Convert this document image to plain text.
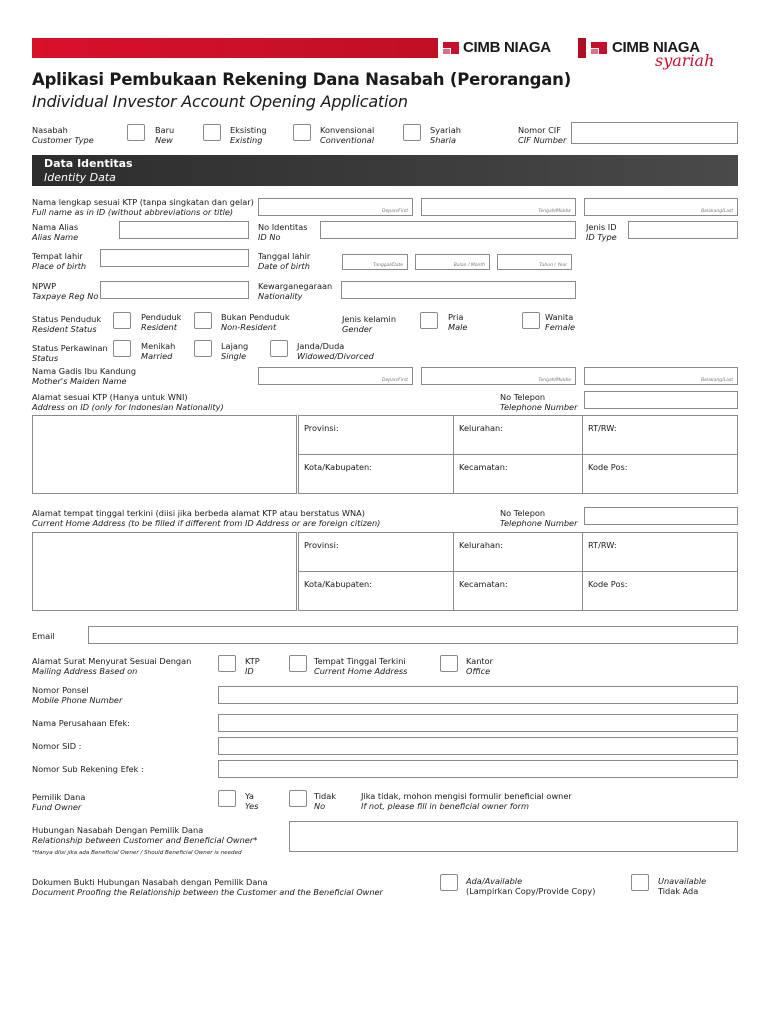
CIMB NIAGA	CIMB NIAGA
syariah
Aplikasi Pembukaan Rekening Dana Nasabah (Perorangan)
Individual Investor Account Opening Application
Nasabah
Customer Type
Baru
New
Eksisting
Existing
Konvensional
Conventional
Syariah
Sharia
Nomor CIF
CIF Number
Data Identitas
Identity Data
Nama lengkap sesuai KTP (tanpa singkatan dan gelar)
Full name as in ID (without abbreviations or title)	Depan/First	Tengah/Middle	Belakang/Last
Nama Alias
Alias Name
No Identitas
ID No
Jenis ID
ID Type
Tempat lahir
Place of birth
Tanggal lahir
Date of birth	Tanggal/Date	Bulan / Month	Tahun / Year
NPWP
Taxpaye Reg No
Kewarganegaraan
Nationality
Status Penduduk
Resident Status
Penduduk
Resident
Bukan Penduduk
Non-Resident
Jenis kelamin
Gender
Pria
Male
Wanita
Female
Status Perkawinan
Status
Menikah
Married
Lajang
Single
Janda/Duda
Widowed/Divorced
Nama Gadis Ibu Kandung
Mother's Maiden Name	Depan/First	Tengah/Middle	Belakang/Last
Alamat sesuai KTP (Hanya untuk WNI)
Address on ID (only for Indonesian Nationality)
No Telepon
Telephone Number
Provinsi:	Kelurahan:	RT/RW:
Kota/Kabupaten:	Kecamatan:	Kode Pos:
Alamat tempat tinggal terkini (diisi jika berbeda alamat KTP atau berstatus WNA)
Current Home Address (to be filled if different from ID Address or are foreign citizen)
No Telepon
Telephone Number
Provinsi:	Kelurahan:	RT/RW:
Kota/Kabupaten:	Kecamatan:	Kode Pos:
Email
Alamat Surat Menyurat Sesuai Dengan
Mailing Address Based on
KTP
ID
Tempat Tinggal Terkini
Current Home Address
Kantor
Office
Nomor Ponsel
Mobile Phone Number
Nama Perusahaan Efek:
Nomor SID :
Nomor Sub Rekening Efek :
Pemilik Dana
Fund Owner
Ya
Yes
Tidak
No
Jika tidak, mohon mengisi formulir beneficial owner
If not, please fill in beneficial owner form
Hubungan Nasabah Dengan Pemilik Dana
Relationship between Customer and Beneficial Owner*
*Hanya diisi jika ada Beneficial Owner / Should Beneficial Owner is needed
Dokumen Bukti Hubungan Nasabah dengan Pemilik Dana
Document Proofing the Relationship between the Customer and the Beneficial Owner
Ada/Available
(Lampirkan Copy/Provide Copy)
Unavailable
Tidak Ada
